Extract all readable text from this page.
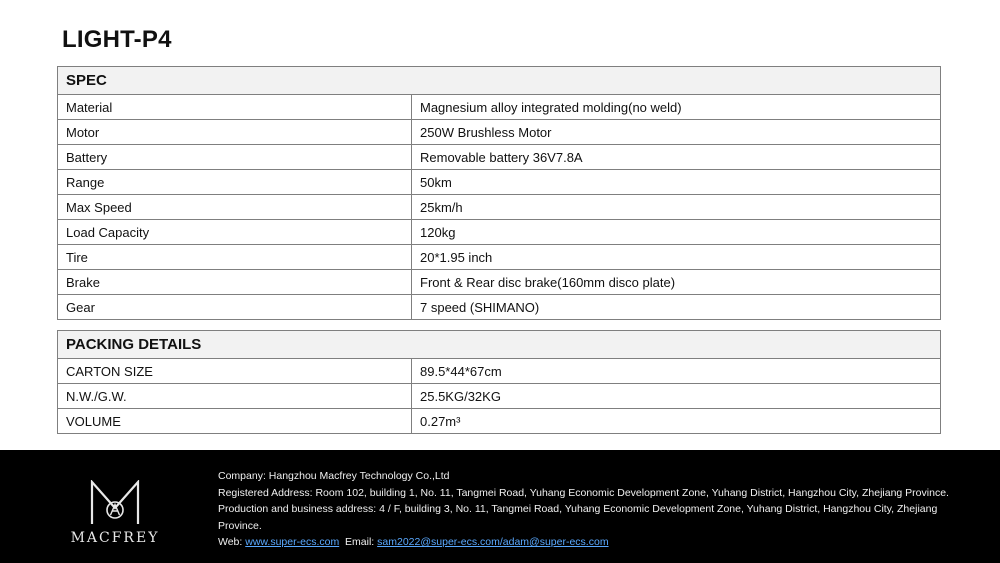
LIGHT-P4
SPEC	
Material	Magnesium alloy integrated molding(no weld)
Motor	250W Brushless Motor
Battery	Removable battery 36V7.8A
Range	50km
Max Speed	25km/h
Load Capacity	120kg
Tire	20*1.95 inch
Brake	Front & Rear disc brake(160mm disco plate)
Gear	7 speed (SHIMANO)
PACKING DETAILS	
CARTON SIZE	89.5*44*67cm
N.W./G.W.	25.5KG/32KG
VOLUME	0.27m³
MACFREY

Company: Hangzhou Macfrey Technology Co.,Ltd

Registered Address: Room 102, building 1, No. 11, Tangmei Road, Yuhang Economic Development Zone, Yuhang District, Hangzhou City, Zhejiang Province.

Production and business address: 4 / F, building 3, No. 11, Tangmei Road, Yuhang Economic Development Zone, Yuhang District, Hangzhou City, Zhejiang Province.

Web: www.super-ecs.com Email: sam2022@super-ecs.com/adam@super-ecs.com
